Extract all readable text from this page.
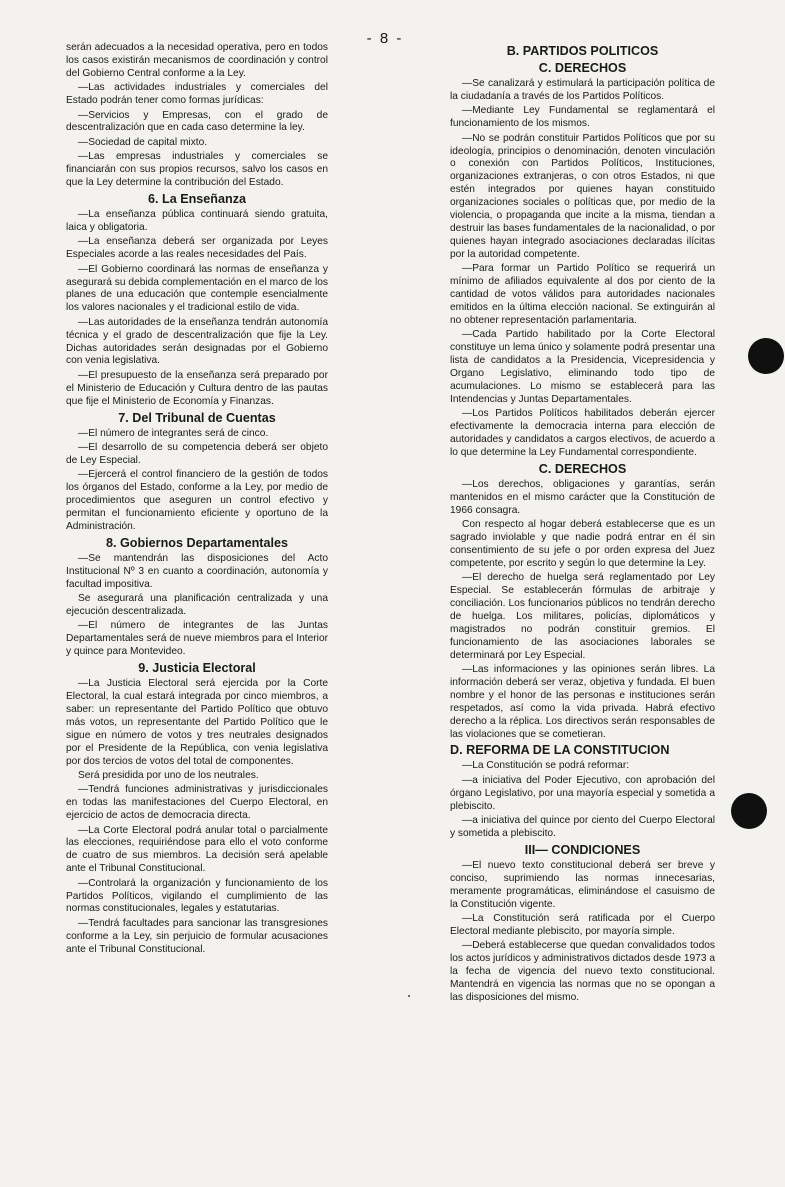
- 8 -

serán adecuados a la necesidad operativa, pero en todos los casos existirán mecanismos de coordinación y control del Gobierno Central conforme a la Ley.

—Las actividades industriales y comerciales del Estado podrán tener como formas jurídicas:

—Servicios y Empresas, con el grado de descentralización que en cada caso determine la ley.

—Sociedad de capital mixto.

—Las empresas industriales y comerciales se financiarán con sus propios recursos, salvo los casos en que la Ley determine la contribución del Estado.

6. La Enseñanza

—La enseñanza pública continuará siendo gratuita, laica y obligatoria.

—La enseñanza deberá ser organizada por Leyes Especiales acorde a las reales necesidades del País.

—El Gobierno coordinará las normas de enseñanza y asegurará su debida complementación en el marco de los planes de una educación que contemple esencialmente los valores nacionales y el tradicional estilo de vida.

—Las autoridades de la enseñanza tendrán autonomía técnica y el grado de descentralización que fije la Ley. Dichas autoridades serán designadas por el Gobierno con venia legislativa.

—El presupuesto de la enseñanza será preparado por el Ministerio de Educación y Cultura dentro de las pautas que fije el Ministerio de Economía y Finanzas.

7. Del Tribunal de Cuentas

—El número de integrantes será de cinco.

—El desarrollo de su competencia deberá ser objeto de Ley Especial.

—Ejercerá el control financiero de la gestión de todos los órganos del Estado, conforme a la Ley, por medio de procedimientos que aseguren un control efectivo y permitan el funcionamiento eficiente y oportuno de la Administración.

8. Gobiernos Departamentales

—Se mantendrán las disposiciones del Acto Institucional Nº 3 en cuanto a coordinación, autonomía y facultad impositiva.

Se asegurará una planificación centralizada y una ejecución descentralizada.

—El número de integrantes de las Juntas Departamentales será de nueve miembros para el Interior y quince para Montevideo.

9. Justicia Electoral

—La Justicia Electoral será ejercida por la Corte Electoral, la cual estará integrada por cinco miembros, a saber: un representante del Partido Político que obtuvo más votos, un representante del Partido Político que le sigue en número de votos y tres neutrales designados por el Presidente de la República, con venia legislativa por dos tercios de votos del total de componentes.

Será presidida por uno de los neutrales.

—Tendrá funciones administrativas y jurisdiccionales en todas las manifestaciones del Cuerpo Electoral, en ejercicio de actos de democracia directa.

—La Corte Electoral podrá anular total o parcialmente las elecciones, requiriéndose para ello el voto conforme de cuatro de sus miembros. La decisión será apelable ante el Tribunal Constitucional.

—Controlará la organización y funcionamiento de los Partidos Políticos, vigilando el cumplimiento de las normas constitucionales, legales y estatutarias.

—Tendrá facultades para sancionar las transgresiones conforme a la Ley, sin perjuicio de formular acusaciones ante el Tribunal Constitucional.

B. PARTIDOS POLITICOS
C. DERECHOS

—Se canalizará y estimulará la participación política de la ciudadanía a través de los Partidos Políticos.

—Mediante Ley Fundamental se reglamentará el funcionamiento de los mismos.

—No se podrán constituir Partidos Políticos que por su ideología, principios o denominación, denoten vinculación o conexión con Partidos Políticos, Instituciones, organizaciones extranjeras, o con otros Estados, ni que estén integrados por quienes hayan constituido organizaciones sociales o políticas que, por medio de la violencia, o propaganda que incite a la misma, tiendan a destruir las bases fundamentales de la nacionalidad, o por quienes hayan integrado asociaciones declaradas ilícitas por la autoridad competente.

—Para formar un Partido Político se requerirá un mínimo de afiliados equivalente al dos por ciento de la cantidad de votos válidos para autoridades nacionales emitidos en la última elección nacional. Se extinguirán al no obtener representación parlamentaria.

—Cada Partido habilitado por la Corte Electoral constituye un lema único y solamente podrá presentar una lista de candidatos a la Presidencia, Vicepresidencia y Organo Legislativo, eliminando todo tipo de acumulaciones. Lo mismo se establecerá para las Intendencias y Juntas Departamentales.

—Los Partidos Políticos habilitados deberán ejercer efectivamente la democracia interna para elección de autoridades y candidatos a cargos electivos, de acuerdo a lo que determine la Ley Fundamental correspondiente.

C. DERECHOS

—Los derechos, obligaciones y garantías, serán mantenidos en el mismo carácter que la Constitución de 1966 consagra.

Con respecto al hogar deberá establecerse que es un sagrado inviolable y que nadie podrá entrar en él sin consentimiento de su jefe o por orden expresa del Juez competente, por escrito y según lo que determine la Ley.

—El derecho de huelga será reglamentado por Ley Especial. Se establecerán fórmulas de arbitraje y conciliación. Los funcionarios públicos no tendrán derecho de huelga. Los militares, policías, diplomáticos y magistrados no podrán constituir gremios. El funcionamiento de las asociaciones laborales se determinará por Ley Especial.

—Las informaciones y las opiniones serán libres. La información deberá ser veraz, objetiva y fundada. El buen nombre y el honor de las personas e instituciones serán respetados, así como la vida privada. Habrá efectivo derecho a la réplica. Los directivos serán responsables de las violaciones que se cometieran.

D. REFORMA DE LA CONSTITUCION

—La Constitución se podrá reformar:

—a iniciativa del Poder Ejecutivo, con aprobación del órgano Legislativo, por una mayoría especial y sometida a plebiscito.

—a iniciativa del quince por ciento del Cuerpo Electoral y sometida a plebiscito.

III— CONDICIONES

—El nuevo texto constitucional deberá ser breve y conciso, suprimiendo las normas innecesarias, meramente programáticas, eliminándose el casuismo de la Constitución vigente.

—La Constitución será ratificada por el Cuerpo Electoral mediante plebiscito, por mayoría simple.

—Deberá establecerse que quedan convalidados todos los actos jurídicos y administrativos dictados desde 1973 a la fecha de vigencia del nuevo texto constitucional. Mantendrá en vigencia las normas que no se opongan a las disposiciones del mismo.
